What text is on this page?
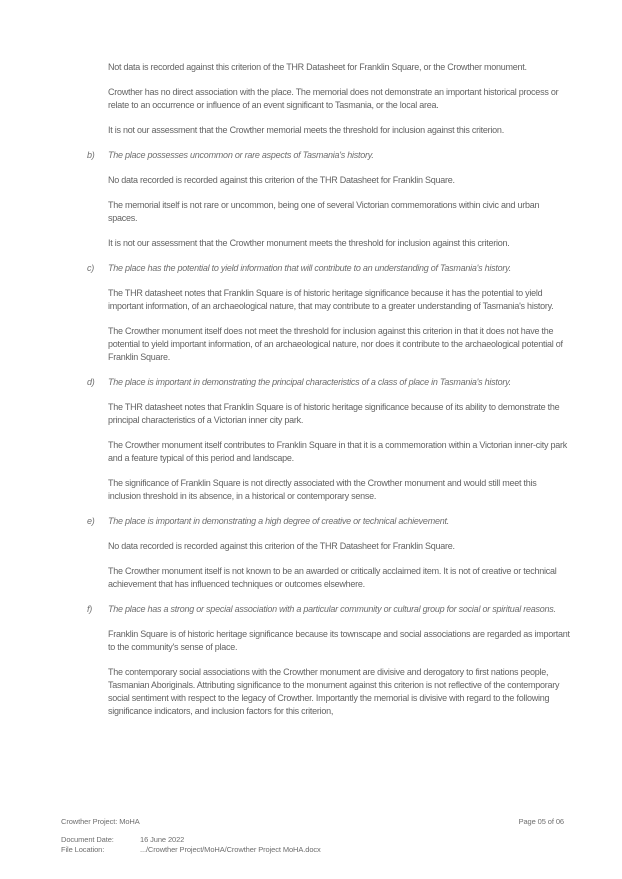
Not data is recorded against this criterion of the THR Datasheet for Franklin Square, or the Crowther monument.

Crowther has no direct association with the place. The memorial does not demonstrate an important historical process or relate to an occurrence or influence of an event significant to Tasmania, or the local area.

It is not our assessment that the Crowther memorial meets the threshold for inclusion against this criterion.

b)	The place possesses uncommon or rare aspects of Tasmania's history.

No data recorded is recorded against this criterion of the THR Datasheet for Franklin Square.

The memorial itself is not rare or uncommon, being one of several Victorian commemorations within civic and urban spaces.

It is not our assessment that the Crowther monument meets the threshold for inclusion against this criterion.

c)	The place has the potential to yield information that will contribute to an understanding of Tasmania's history.

The THR datasheet notes that Franklin Square is of historic heritage significance because it has the potential to yield important information, of an archaeological nature, that may contribute to a greater understanding of Tasmania's history.

The Crowther monument itself does not meet the threshold for inclusion against this criterion in that it does not have the potential to yield important information, of an archaeological nature, nor does it contribute to the archaeological potential of Franklin Square.

d)	The place is important in demonstrating the principal characteristics of a class of place in Tasmania's history.

The THR datasheet notes that Franklin Square is of historic heritage significance because of its ability to demonstrate the principal characteristics of a Victorian inner city park.

The Crowther monument itself contributes to Franklin Square in that it is a commemoration within a Victorian inner-city park and a feature typical of this period and landscape.

The significance of Franklin Square is not directly associated with the Crowther monument and would still meet this inclusion threshold in its absence, in a historical or contemporary sense.

e)	The place is important in demonstrating a high degree of creative or technical achievement.

No data recorded is recorded against this criterion of the THR Datasheet for Franklin Square.

The Crowther monument itself is not known to be an awarded or critically acclaimed item. It is not of creative or technical achievement that has influenced techniques or outcomes elsewhere.

f)	The place has a strong or special association with a particular community or cultural group for social or spiritual reasons.

Franklin Square is of historic heritage significance because its townscape and social associations are regarded as important to the community's sense of place.

The contemporary social associations with the Crowther monument are divisive and derogatory to first nations people, Tasmanian Aboriginals. Attributing significance to the monument against this criterion is not reflective of the contemporary social sentiment with respect to the legacy of Crowther. Importantly the memorial is divisive with regard to the following significance indicators, and inclusion factors for this criterion,

Crowther Project: MoHA	Page 05 of 06
Document Date:	16 June 2022
File Location:	.../Crowther Project/MoHA/Crowther Project MoHA.docx
